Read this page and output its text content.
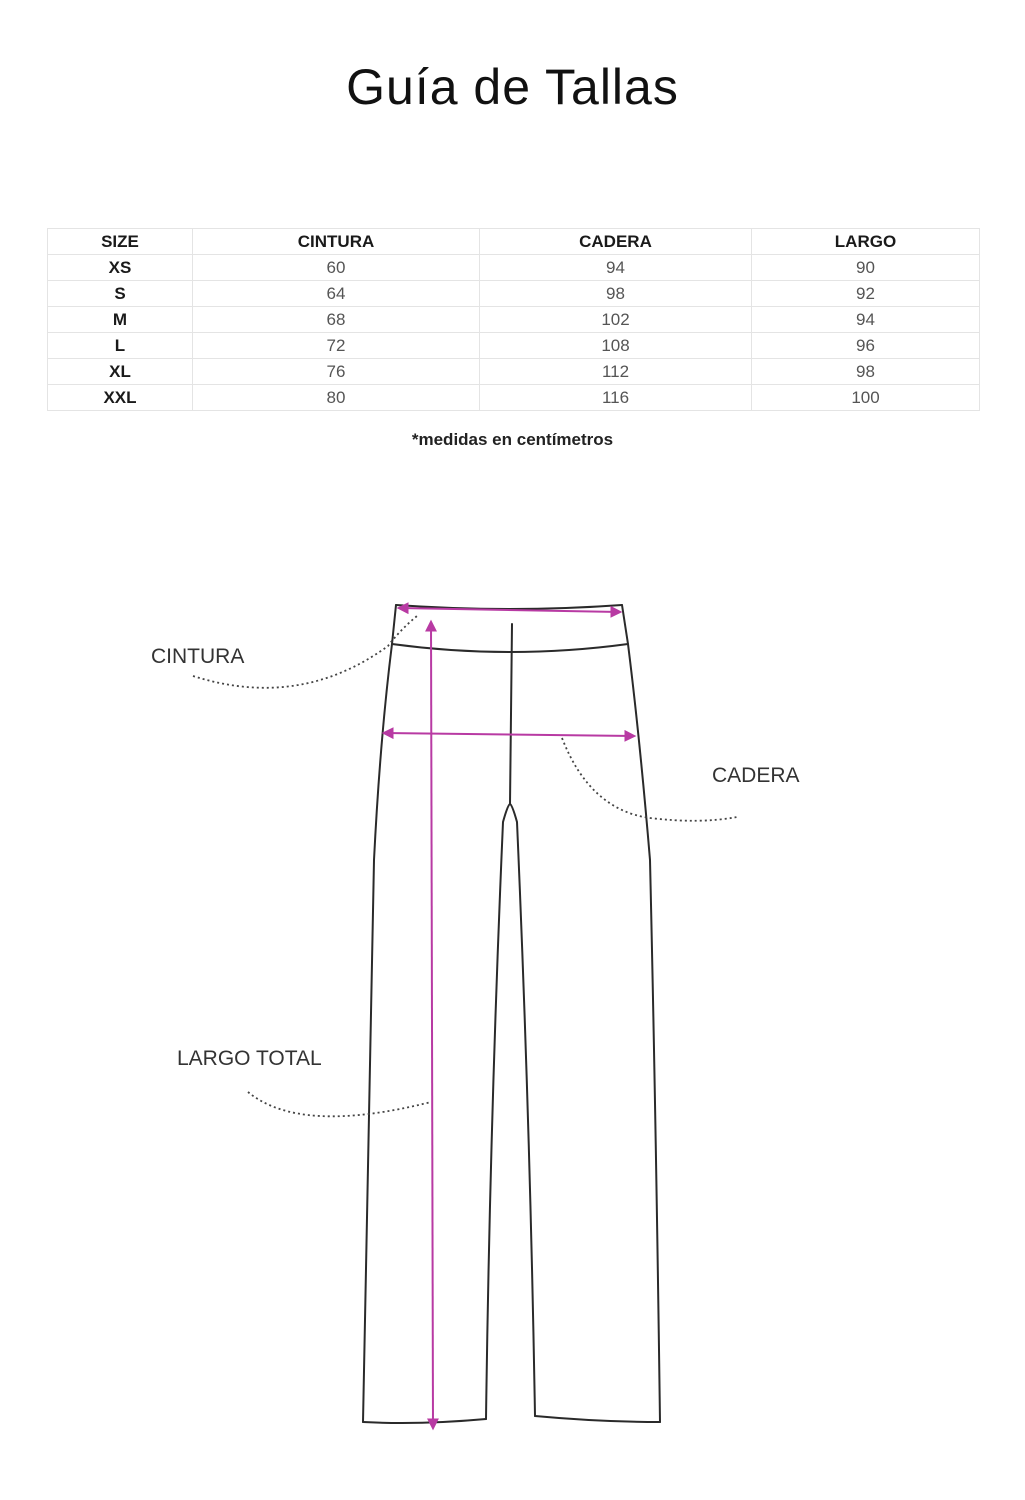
Guía de Tallas
SIZE	CINTURA	CADERA	LARGO
XS	60	94	90
S	64	98	92
M	68	102	94
L	72	108	96
XL	76	112	98
XXL	80	116	100
*medidas en centímetros
CINTURA
CADERA
LARGO TOTAL
